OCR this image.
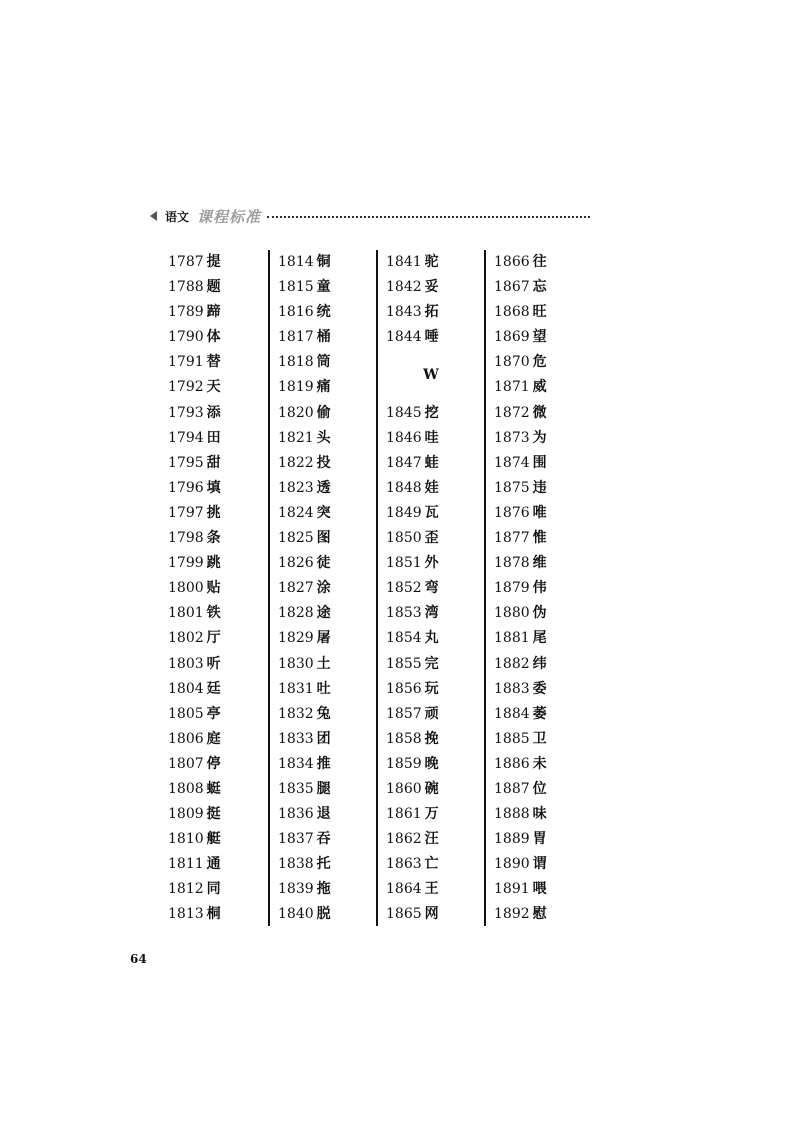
语文 课程标准
1787 提
1788 题
1789 蹄
1790 体
1791 替
1792 天
1793 添
1794 田
1795 甜
1796 填
1797 挑
1798 条
1799 跳
1800 贴
1801 铁
1802 厅
1803 听
1804 廷
1805 亭
1806 庭
1807 停
1808 蜓
1809 挺
1810 艇
1811 通
1812 同
1813 桐
1814 铜
1815 童
1816 统
1817 桶
1818 筒
1819 痛
1820 偷
1821 头
1822 投
1823 透
1824 突
1825 图
1826 徒
1827 涂
1828 途
1829 屠
1830 土
1831 吐
1832 兔
1833 团
1834 推
1835 腿
1836 退
1837 吞
1838 托
1839 拖
1840 脱
1841 驼
1842 妥
1843 拓
1844 唾
W
1845 挖
1846 哇
1847 蛙
1848 娃
1849 瓦
1850 歪
1851 外
1852 弯
1853 湾
1854 丸
1855 完
1856 玩
1857 顽
1858 挽
1859 晚
1860 碗
1861 万
1862 汪
1863 亡
1864 王
1865 网
1866 往
1867 忘
1868 旺
1869 望
1870 危
1871 威
1872 微
1873 为
1874 围
1875 违
1876 唯
1877 惟
1878 维
1879 伟
1880 伪
1881 尾
1882 纬
1883 委
1884 萎
1885 卫
1886 未
1887 位
1888 味
1889 胃
1890 谓
1891 喂
1892 慰
64
